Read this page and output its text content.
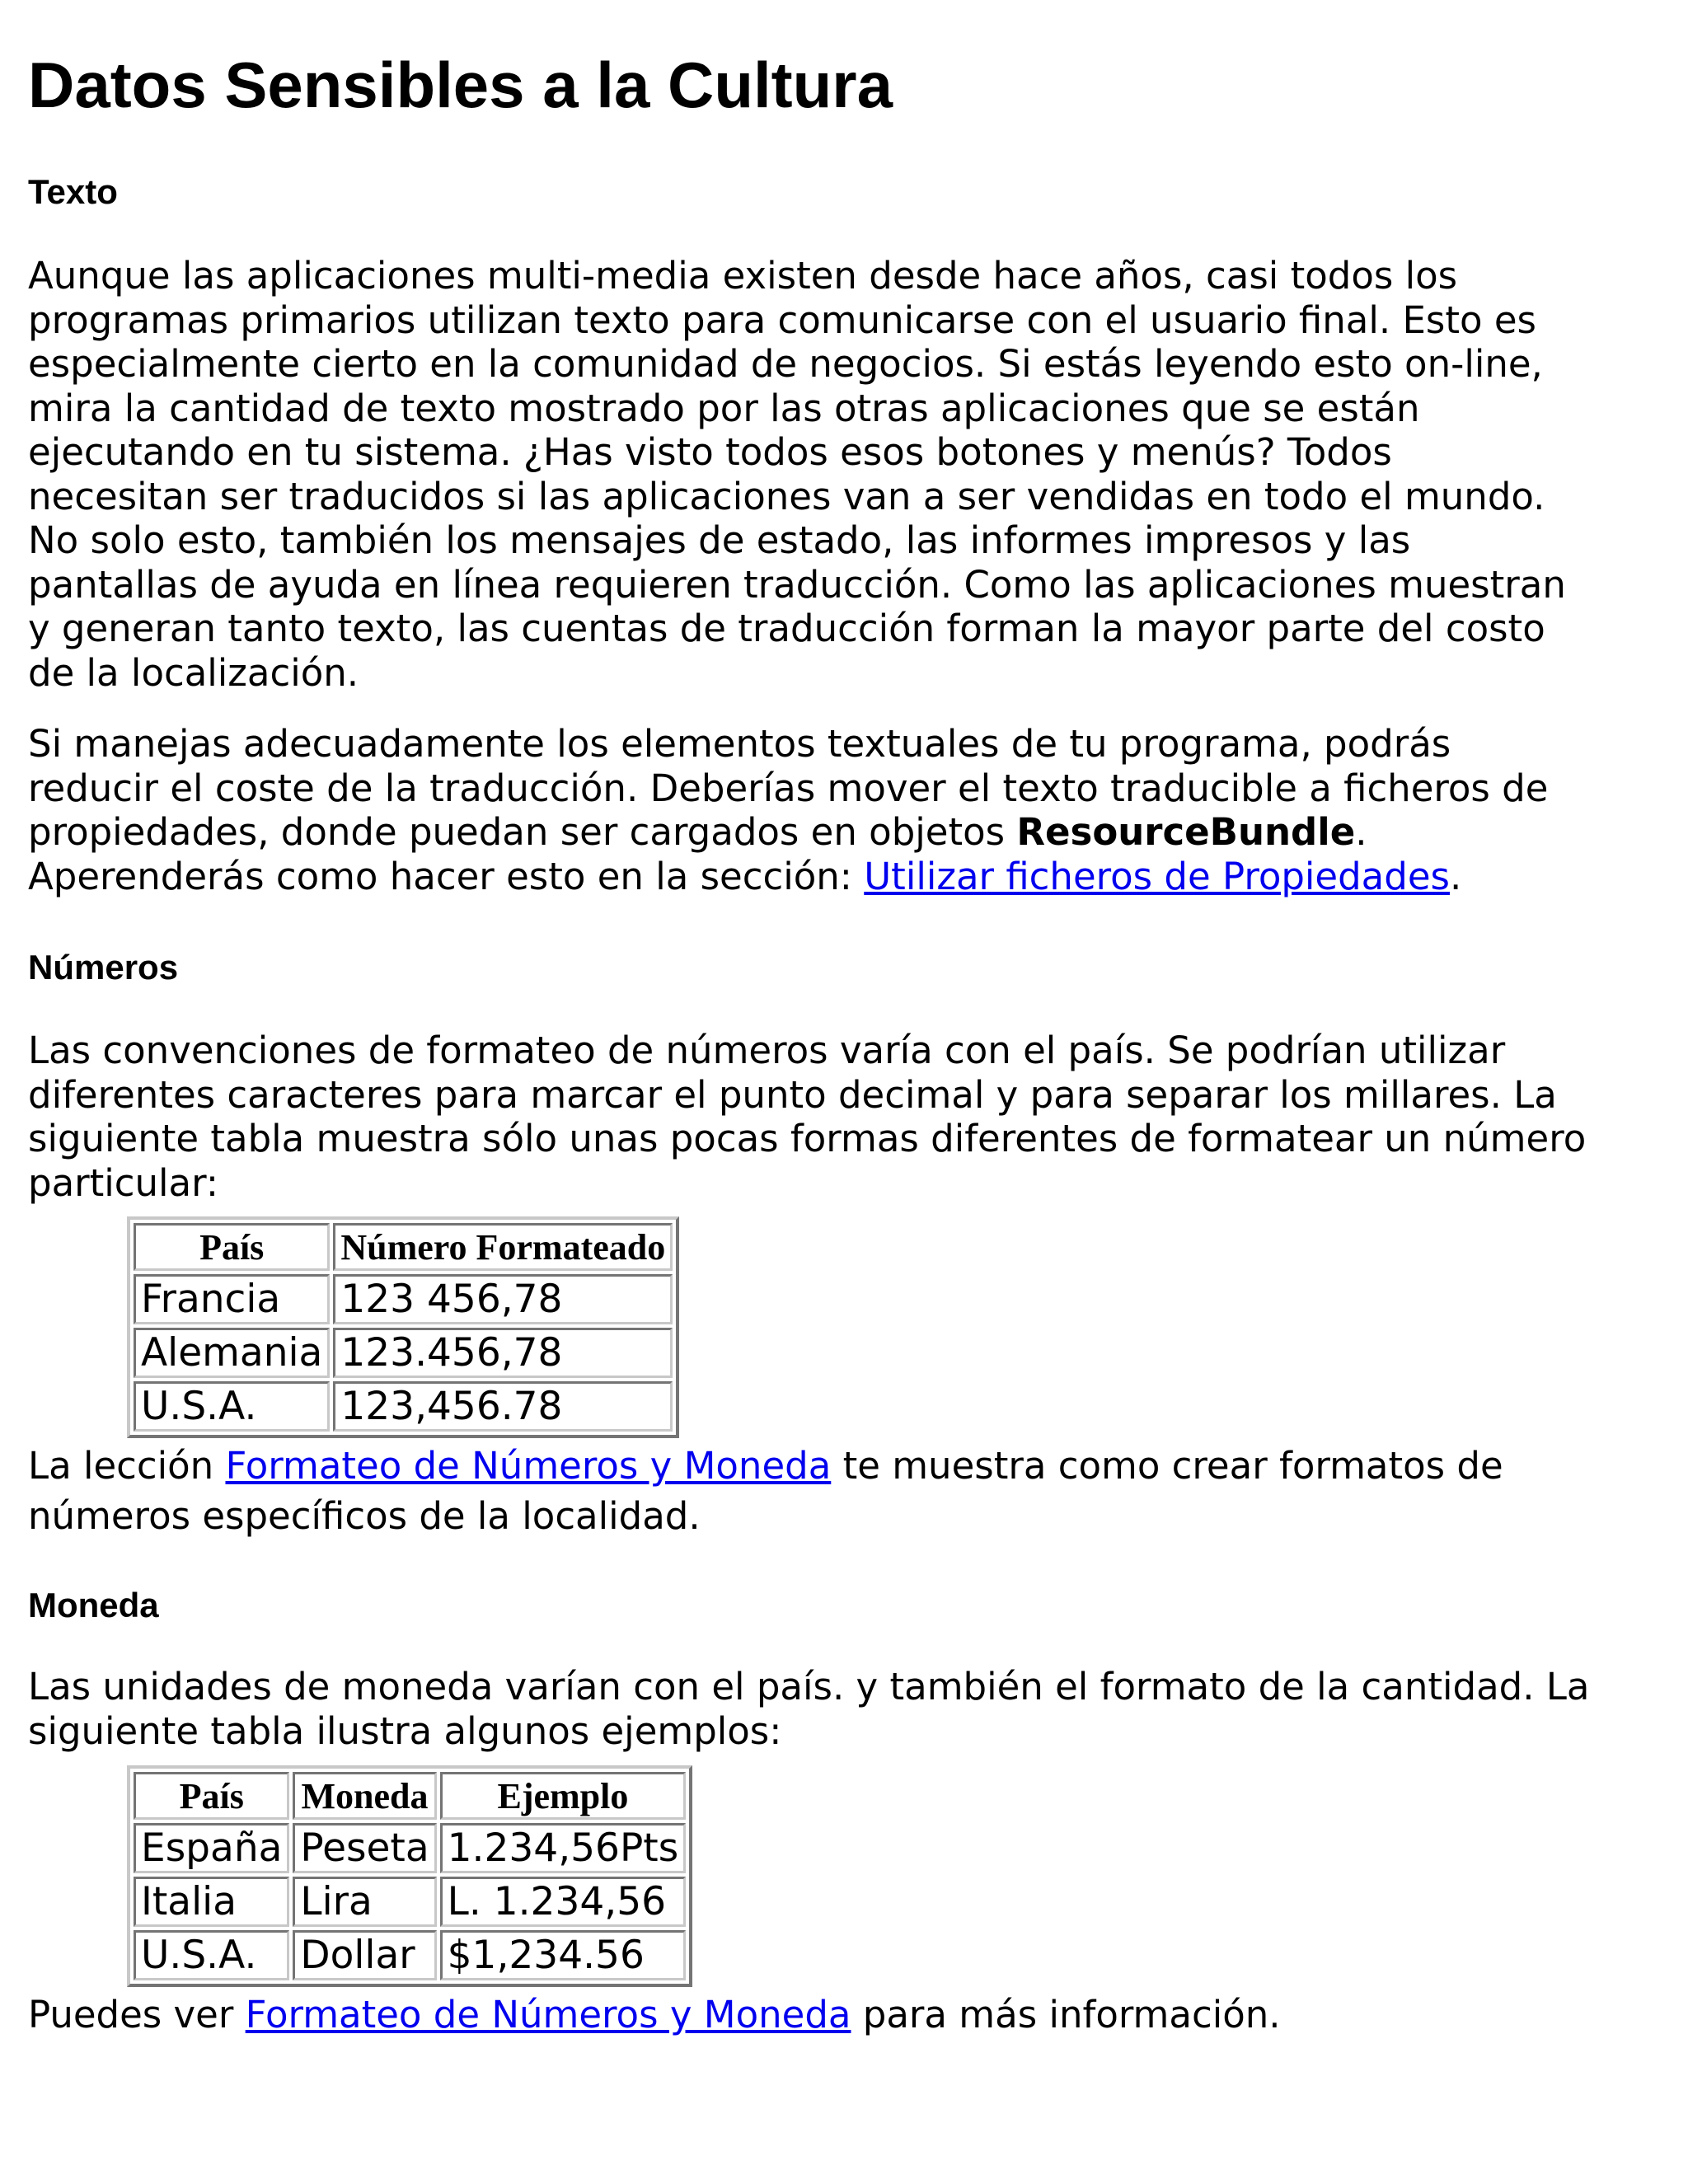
Datos Sensibles a la Cultura
Texto

Aunque las aplicaciones multi-media existen desde hace años, casi todos los
programas primarios utilizan texto para comunicarse con el usuario final. Esto es
especialmente cierto en la comunidad de negocios. Si estás leyendo esto on-line,
mira la cantidad de texto mostrado por las otras aplicaciones que se están
ejecutando en tu sistema. ¿Has visto todos esos botones y menús? Todos
necesitan ser traducidos si las aplicaciones van a ser vendidas en todo el mundo.
No solo esto, también los mensajes de estado, las informes impresos y las
pantallas de ayuda en línea requieren traducción. Como las aplicaciones muestran
y generan tanto texto, las cuentas de traducción forman la mayor parte del costo
de la localización.

Si manejas adecuadamente los elementos textuales de tu programa, podrás
reducir el coste de la traducción. Deberías mover el texto traducible a ficheros de
propiedades, donde puedan ser cargados en objetos ResourceBundle.
Aperenderás como hacer esto en la sección: Utilizar ficheros de Propiedades.

Números

Las convenciones de formateo de números varía con el país. Se podrían utilizar
diferentes caracteres para marcar el punto decimal y para separar los millares. La
siguiente tabla muestra sólo unas pocas formas diferentes de formatear un número
particular:

País	Número Formateado
Francia	123 456,78
Alemania	123.456,78
U.S.A.	123,456.78

La lección Formateo de Números y Moneda te muestra como crear formatos de
números específicos de la localidad.

Moneda

Las unidades de moneda varían con el país. y también el formato de la cantidad. La
siguiente tabla ilustra algunos ejemplos:

País	Moneda	Ejemplo
España	Peseta	1.234,56Pts
Italia	Lira	L. 1.234,56
U.S.A.	Dollar	$1,234.56

Puedes ver Formateo de Números y Moneda para más información.
